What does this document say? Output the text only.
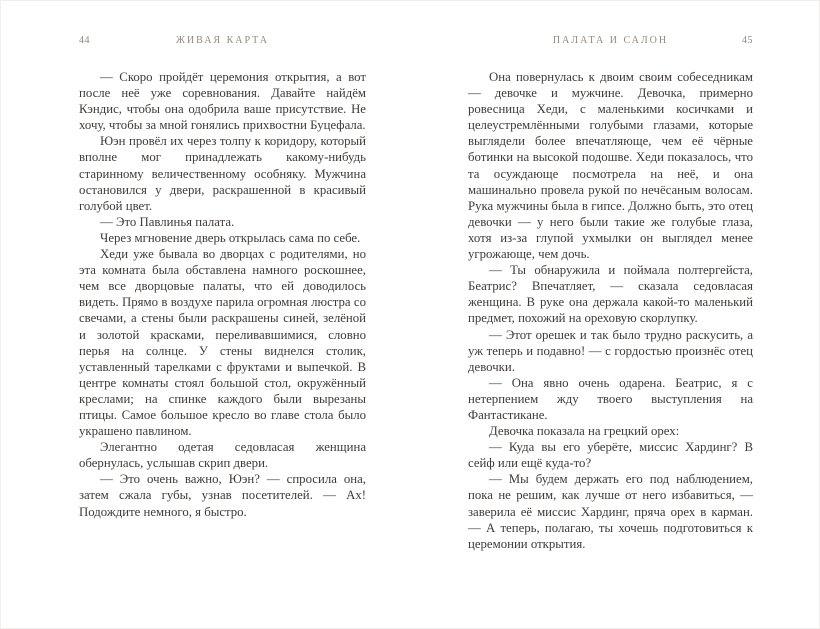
44	ЖИВАЯ КАРТА

— Скоро пройдёт церемония открытия, а вот после неё уже соревнования. Давайте найдём Кэндис, чтобы она одобрила ваше присутствие. Не хочу, чтобы за мной гонялись прихвостни Буцефала.

Юэн провёл их через толпу к коридору, который вполне мог принадлежать какому-нибудь старинному величественному особняку. Мужчина остановился у двери, раскрашенной в красивый голубой цвет.

— Это Павлинья палата.

Через мгновение дверь открылась сама по себе.

Хеди уже бывала во дворцах с родителями, но эта комната была обставлена намного роскошнее, чем все дворцовые палаты, что ей доводилось видеть. Прямо в воздухе парила огромная люстра со свечами, а стены были раскрашены синей, зелёной и золотой красками, переливавшимися, словно перья на солнце. У стены виднелся столик, уставленный тарелками с фруктами и выпечкой. В центре комнаты стоял большой стол, окружённый креслами; на спинке каждого были вырезаны птицы. Самое большое кресло во главе стола было украшено павлином.

Элегантно одетая седовласая женщина обернулась, услышав скрип двери.

— Это очень важно, Юэн? — спросила она, затем сжала губы, узнав посетителей. — Ах! Подождите немного, я быстро.

ПАЛАТА И САЛОН	45

Она повернулась к двоим своим собеседникам — девочке и мужчине. Девочка, примерно ровесница Хеди, с маленькими косичками и целеустремлёнными голубыми глазами, которые выглядели более впечатляюще, чем её чёрные ботинки на высокой подошве. Хеди показалось, что та осуждающе посмотрела на неё, и она машинально провела рукой по нечёсаным волосам. Рука мужчины была в гипсе. Должно быть, это отец девочки — у него были такие же голубые глаза, хотя из-за глупой ухмылки он выглядел менее угрожающе, чем дочь.

— Ты обнаружила и поймала полтергейста, Беатрис? Впечатляет, — сказала седовласая женщина. В руке она держала какой-то маленький предмет, похожий на ореховую скорлупку.

— Этот орешек и так было трудно раскусить, а уж теперь и подавно! — с гордостью произнёс отец девочки.

— Она явно очень одарена. Беатрис, я с нетерпением жду твоего выступления на Фантастикане.

Девочка показала на грецкий орех:

— Куда вы его уберёте, миссис Хардинг? В сейф или ещё куда-то?

— Мы будем держать его под наблюдением, пока не решим, как лучше от него избавиться, — заверила её миссис Хардинг, пряча орех в карман. — А теперь, полагаю, ты хочешь подготовиться к церемонии открытия.
